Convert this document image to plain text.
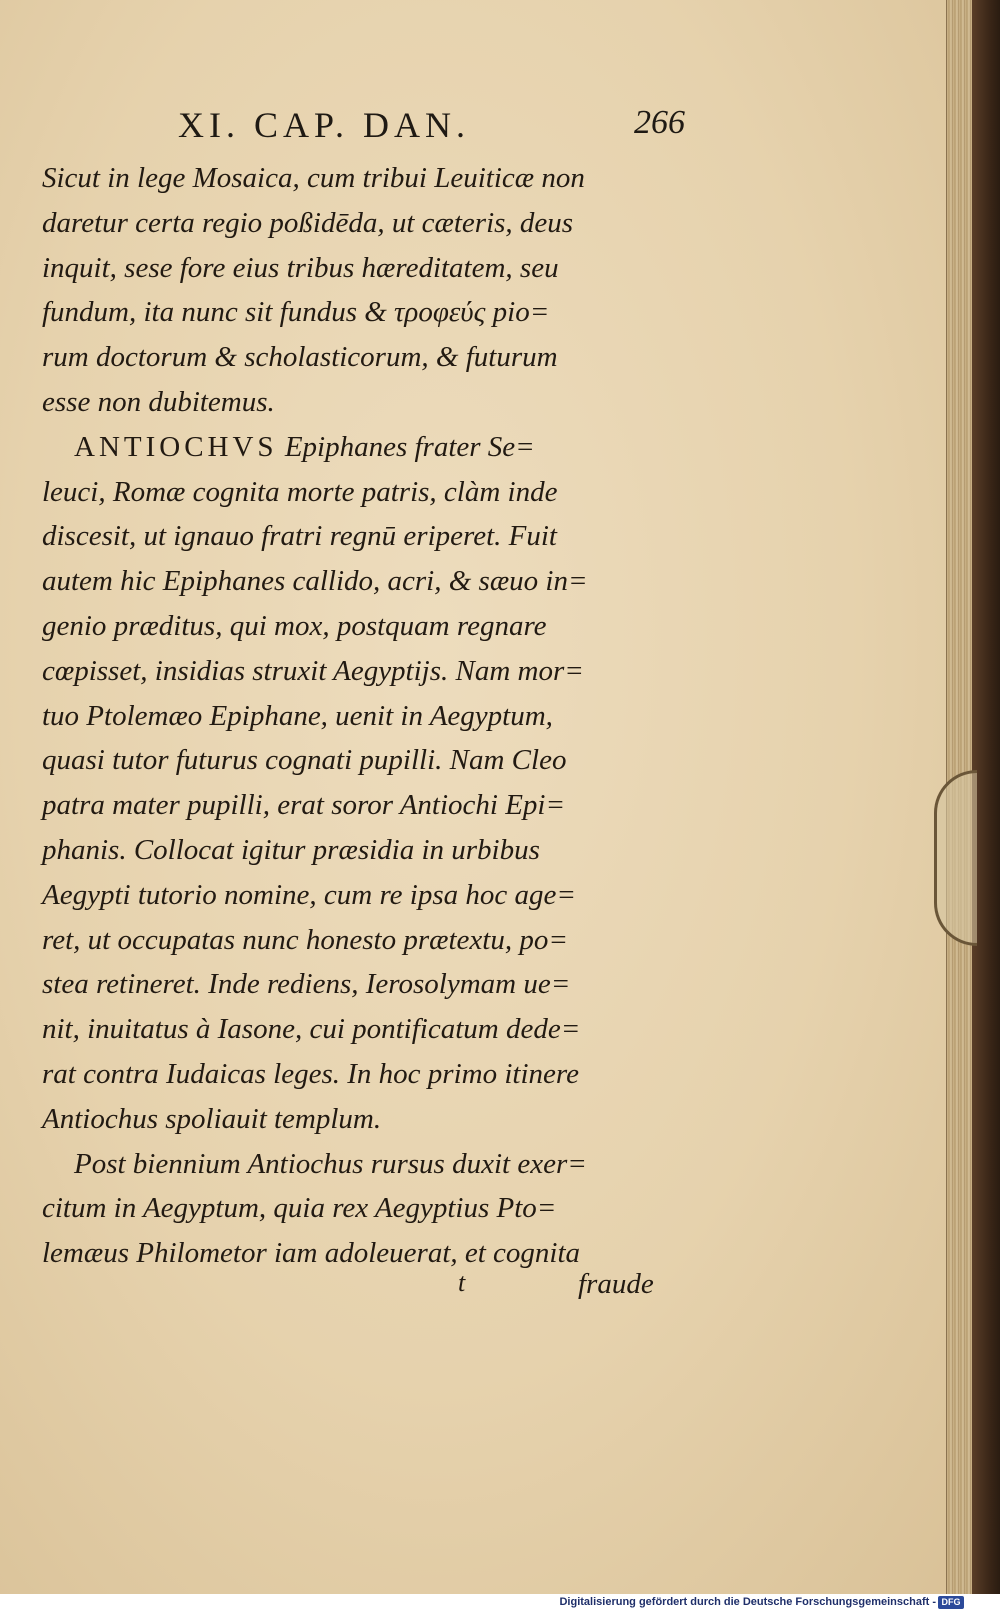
XI. CAP. DAN.	266

Sicut in lege Mosaica, cum tribui Leuiticæ non
daretur certa regio poßidēda, ut cæteris, deus
inquit, sese fore eius tribus hæreditatem, seu
fundum, ita nunc sit fundus & τροφεύς pio=
rum doctorum & scholasticorum, & futurum
esse non dubitemus.

ANTIOCHVS Epiphanes frater Se=
leuci, Romæ cognita morte patris, clàm inde
discesit, ut ignauo fratri regnū eriperet. Fuit
autem hic Epiphanes callido, acri, & sæuo in=
genio præditus, qui mox, postquam regnare
cœpisset, insidias struxit Aegyptijs. Nam mor=
tuo Ptolemæo Epiphane, uenit in Aegyptum,
quasi tutor futurus cognati pupilli. Nam Cleo
patra mater pupilli, erat soror Antiochi Epi=
phanis. Collocat igitur præsidia in urbibus
Aegypti tutorio nomine, cum re ipsa hoc age=
ret, ut occupatas nunc honesto prætextu, po=
stea retineret. Inde rediens, Ierosolymam ue=
nit, inuitatus à Iasone, cui pontificatum dede=
rat contra Iudaicas leges. In hoc primo itinere
Antiochus spoliauit templum.

Post biennium Antiochus rursus duxit exer=
citum in Aegyptum, quia rex Aegyptius Pto=
lemæus Philometor iam adoleuerat, et cognita

t	fraude
Digitalisierung gefördert durch die Deutsche Forschungsgemeinschaft - DFG
